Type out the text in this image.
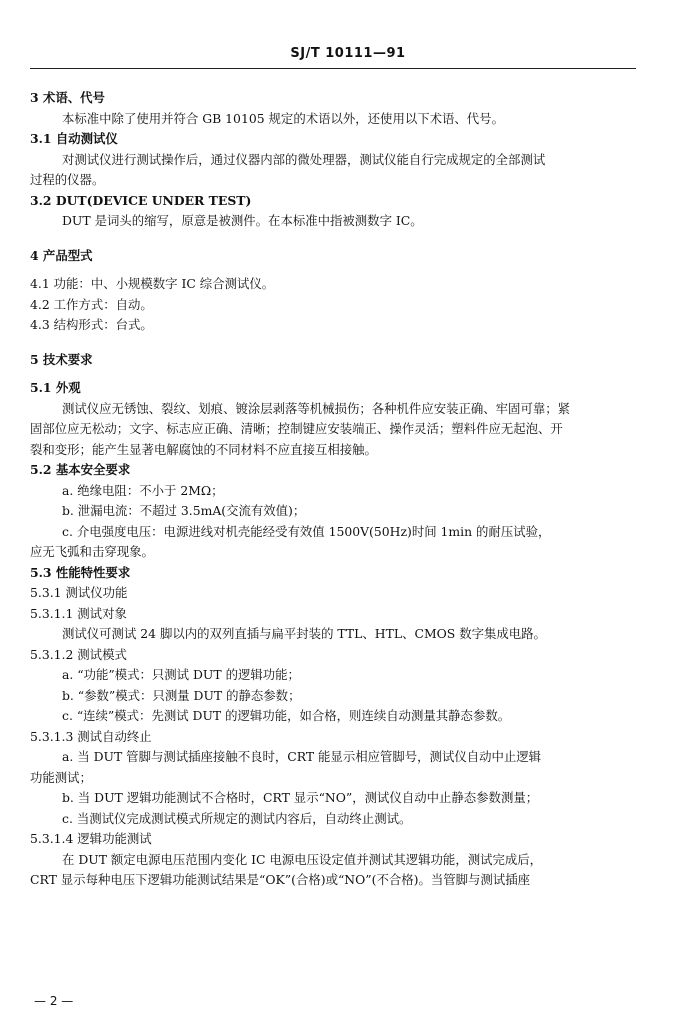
SJ/T 10111—91
3 术语、代号
本标准中除了使用并符合 GB 10105 规定的术语以外，还使用以下术语、代号。
3.1 自动测试仪
对测试仪进行测试操作后，通过仪器内部的微处理器，测试仪能自行完成规定的全部测试
过程的仪器。
3.2 DUT(DEVICE UNDER TEST)
DUT 是词头的缩写，原意是被测件。在本标准中指被测数字 IC。
4 产品型式
4.1 功能：中、小规模数字 IC 综合测试仪。
4.2 工作方式：自动。
4.3 结构形式：台式。
5 技术要求
5.1 外观
测试仪应无锈蚀、裂纹、划痕、镀涂层剥落等机械损伤；各种机件应安装正确、牢固可靠；紧
固部位应无松动；文字、标志应正确、清晰；控制键应安装端正、操作灵活；塑料件应无起泡、开
裂和变形；能产生显著电解腐蚀的不同材料不应直接互相接触。
5.2 基本安全要求
a. 绝缘电阻：不小于 2MΩ；
b. 泄漏电流：不超过 3.5mA(交流有效值)；
c. 介电强度电压：电源进线对机壳能经受有效值 1500V(50Hz)时间 1min 的耐压试验，
应无飞弧和击穿现象。
5.3 性能特性要求
5.3.1 测试仪功能
5.3.1.1 测试对象
测试仪可测试 24 脚以内的双列直插与扁平封装的 TTL、HTL、CMOS 数字集成电路。
5.3.1.2 测试模式
a. “功能”模式：只测试 DUT 的逻辑功能；
b. “参数”模式：只测量 DUT 的静态参数；
c. “连续”模式：先测试 DUT 的逻辑功能，如合格，则连续自动测量其静态参数。
5.3.1.3 测试自动终止
a. 当 DUT 管脚与测试插座接触不良时，CRT 能显示相应管脚号，测试仪自动中止逻辑
功能测试；
b. 当 DUT 逻辑功能测试不合格时，CRT 显示“NO”，测试仪自动中止静态参数测量；
c. 当测试仪完成测试模式所规定的测试内容后，自动终止测试。
5.3.1.4 逻辑功能测试
在 DUT 额定电源电压范围内变化 IC 电源电压设定值并测试其逻辑功能，测试完成后，
CRT 显示每种电压下逻辑功能测试结果是“OK”(合格)或“NO”(不合格)。当管脚与测试插座
— 2 —
